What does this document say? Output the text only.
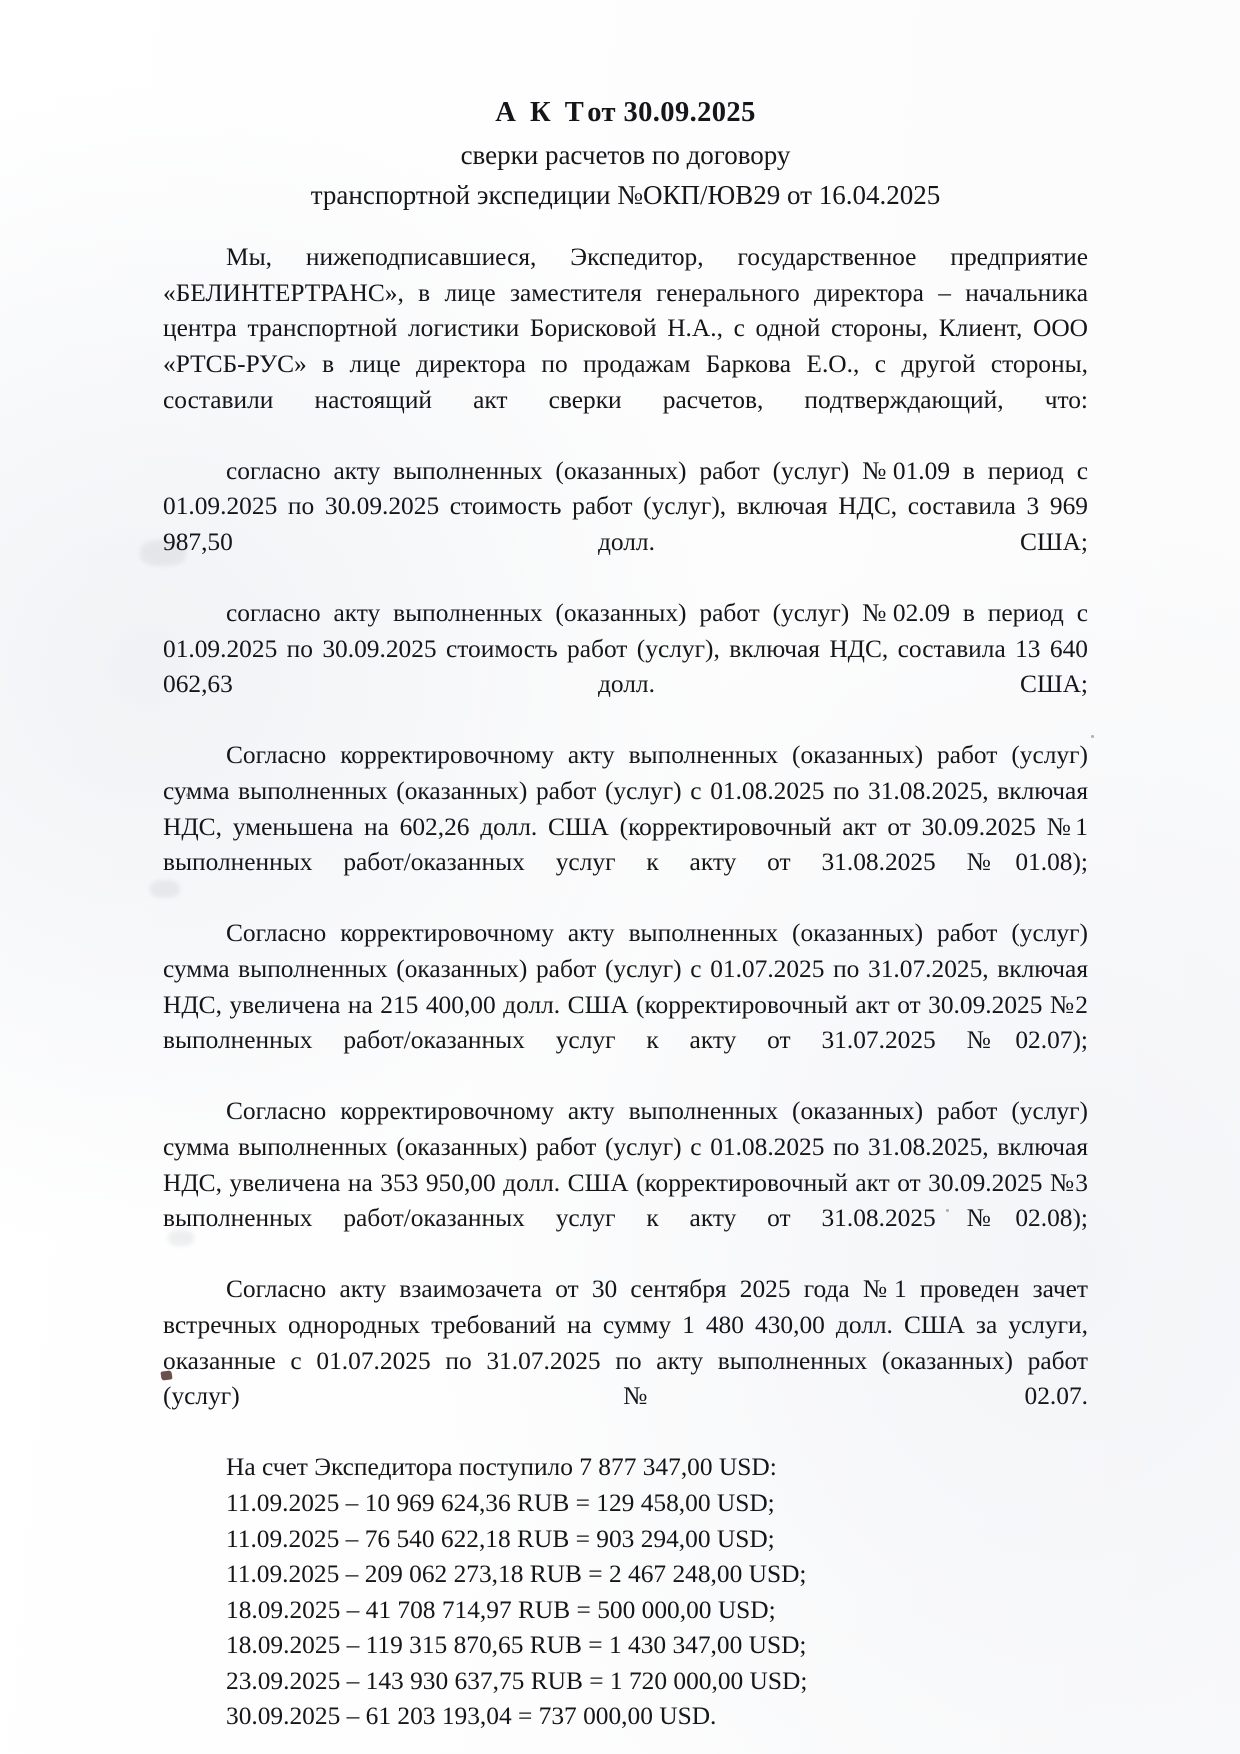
А К Тот 30.09.2025
сверки расчетов по договору
транспортной экспедиции №ОКП/ЮВ29 от 16.04.2025

Мы, нижеподписавшиеся, Экспедитор, государственное предприятие «БЕЛИНТЕРТРАНС», в лице заместителя генерального директора – начальника центра транспортной логистики Борисковой Н.А., с одной стороны, Клиент, ООО «РТСБ-РУС» в лице директора по продажам Баркова Е.О., с другой стороны, составили настоящий акт сверки расчетов, подтверждающий, что:

согласно акту выполненных (оказанных) работ (услуг) №01.09 в период с 01.09.2025 по 30.09.2025 стоимость работ (услуг), включая НДС, составила 3 969 987,50 долл. США;

согласно акту выполненных (оказанных) работ (услуг) №02.09 в период с 01.09.2025 по 30.09.2025 стоимость работ (услуг), включая НДС, составила 13 640 062,63 долл. США;

Согласно корректировочному акту выполненных (оказанных) работ (услуг) сумма выполненных (оказанных) работ (услуг) с 01.08.2025 по 31.08.2025, включая НДС, уменьшена на 602,26 долл. США (корректировочный акт от 30.09.2025 №1 выполненных работ/оказанных услуг к акту от 31.08.2025 №01.08);

Согласно корректировочному акту выполненных (оказанных) работ (услуг) сумма выполненных (оказанных) работ (услуг) с 01.07.2025 по 31.07.2025, включая НДС, увеличена на 215 400,00 долл. США (корректировочный акт от 30.09.2025 №2 выполненных работ/оказанных услуг к акту от 31.07.2025 №02.07);

Согласно корректировочному акту выполненных (оказанных) работ (услуг) сумма выполненных (оказанных) работ (услуг) с 01.08.2025 по 31.08.2025, включая НДС, увеличена на 353 950,00 долл. США (корректировочный акт от 30.09.2025 №3 выполненных работ/оказанных услуг к акту от 31.08.2025 №02.08);

Согласно акту взаимозачета от 30 сентября 2025 года №1 проведен зачет встречных однородных требований на сумму 1 480 430,00 долл. США за услуги, оказанные с 01.07.2025 по 31.07.2025 по акту выполненных (оказанных) работ (услуг) №02.07.

На счет Экспедитора поступило 7 877 347,00 USD:

11.09.2025 – 10 969 624,36 RUB = 129 458,00 USD;
11.09.2025 – 76 540 622,18 RUB = 903 294,00 USD;
11.09.2025 – 209 062 273,18 RUB = 2 467 248,00 USD;
18.09.2025 – 41 708 714,97 RUB = 500 000,00 USD;
18.09.2025 – 119 315 870,65 RUB = 1 430 347,00 USD;
23.09.2025 – 143 930 637,75 RUB = 1 720 000,00 USD;
30.09.2025 – 61 203 193,04 = 737 000,00 USD.
